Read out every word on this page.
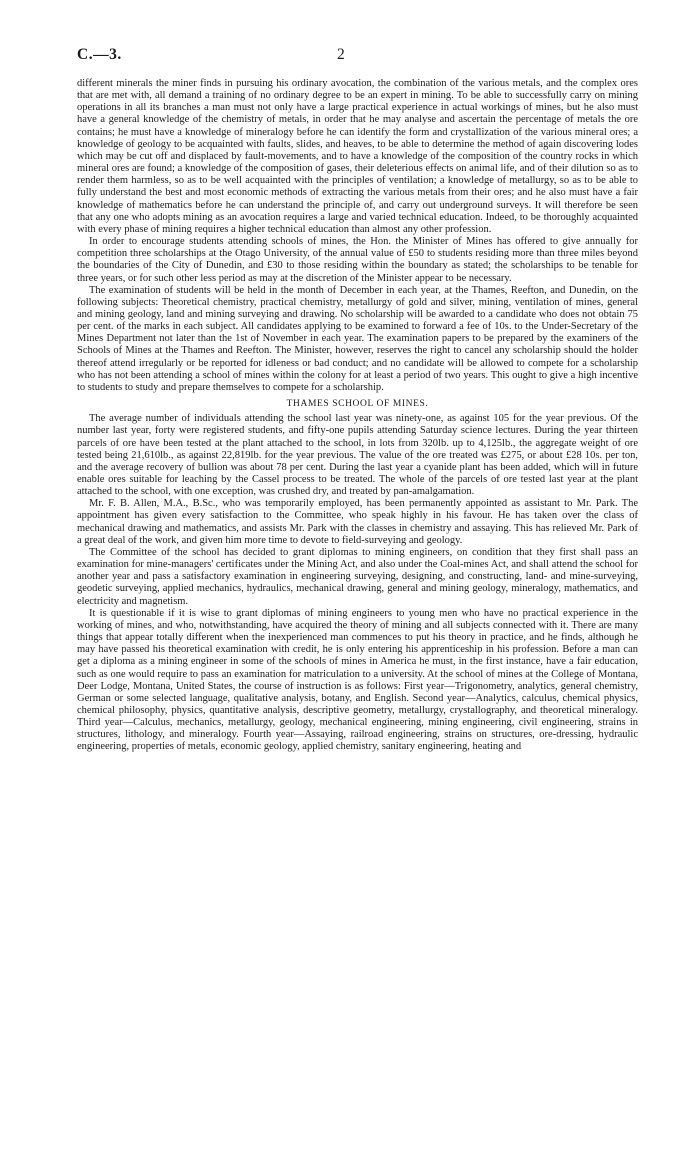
C.—3.	2

different minerals the miner finds in pursuing his ordinary avocation, the combination of the various metals, and the complex ores that are met with, all demand a training of no ordinary degree to be an expert in mining. To be able to successfully carry on mining operations in all its branches a man must not only have a large practical experience in actual workings of mines, but he also must have a general knowledge of the chemistry of metals, in order that he may analyse and ascertain the percentage of metals the ore contains; he must have a knowledge of mineralogy before he can identify the form and crystallization of the various mineral ores; a knowledge of geology to be acquainted with faults, slides, and heaves, to be able to determine the method of again discovering lodes which may be cut off and displaced by fault-movements, and to have a knowledge of the composition of the country rocks in which mineral ores are found; a knowledge of the composition of gases, their deleterious effects on animal life, and of their dilution so as to render them harmless, so as to be well acquainted with the principles of ventilation; a knowledge of metallurgy, so as to be able to fully understand the best and most economic methods of extracting the various metals from their ores; and he also must have a fair knowledge of mathematics before he can understand the principle of, and carry out underground surveys. It will therefore be seen that any one who adopts mining as an avocation requires a large and varied technical education. Indeed, to be thoroughly acquainted with every phase of mining requires a higher technical education than almost any other profession.

In order to encourage students attending schools of mines, the Hon. the Minister of Mines has offered to give annually for competition three scholarships at the Otago University, of the annual value of £50 to students residing more than three miles beyond the boundaries of the City of Dunedin, and £30 to those residing within the boundary as stated; the scholarships to be tenable for three years, or for such other less period as may at the discretion of the Minister appear to be necessary.

The examination of students will be held in the month of December in each year, at the Thames, Reefton, and Dunedin, on the following subjects: Theoretical chemistry, practical chemistry, metallurgy of gold and silver, mining, ventilation of mines, general and mining geology, land and mining surveying and drawing. No scholarship will be awarded to a candidate who does not obtain 75 per cent. of the marks in each subject. All candidates applying to be examined to forward a fee of 10s. to the Under-Secretary of the Mines Department not later than the 1st of November in each year. The examination papers to be prepared by the examiners of the Schools of Mines at the Thames and Reefton. The Minister, however, reserves the right to cancel any scholarship should the holder thereof attend irregularly or be reported for idleness or bad conduct; and no candidate will be allowed to compete for a scholarship who has not been attending a school of mines within the colony for at least a period of two years. This ought to give a high incentive to students to study and prepare themselves to compete for a scholarship.

THAMES SCHOOL OF MINES.

The average number of individuals attending the school last year was ninety-one, as against 105 for the year previous. Of the number last year, forty were registered students, and fifty-one pupils attending Saturday science lectures. During the year thirteen parcels of ore have been tested at the plant attached to the school, in lots from 320lb. up to 4,125lb., the aggregate weight of ore tested being 21,610lb., as against 22,819lb. for the year previous. The value of the ore treated was £275, or about £28 10s. per ton, and the average recovery of bullion was about 78 per cent. During the last year a cyanide plant has been added, which will in future enable ores suitable for leaching by the Cassel process to be treated. The whole of the parcels of ore tested last year at the plant attached to the school, with one exception, was crushed dry, and treated by pan-amalgamation.

Mr. F. B. Allen, M.A., B.Sc., who was temporarily employed, has been permanently appointed as assistant to Mr. Park. The appointment has given every satisfaction to the Committee, who speak highly in his favour. He has taken over the class of mechanical drawing and mathematics, and assists Mr. Park with the classes in chemistry and assaying. This has relieved Mr. Park of a great deal of the work, and given him more time to devote to field-surveying and geology.

The Committee of the school has decided to grant diplomas to mining engineers, on condition that they first shall pass an examination for mine-managers' certificates under the Mining Act, and also under the Coal-mines Act, and shall attend the school for another year and pass a satisfactory examination in engineering surveying, designing, and constructing, land- and mine-surveying, geodetic surveying, applied mechanics, hydraulics, mechanical drawing, general and mining geology, mineralogy, mathematics, and electricity and magnetism.

It is questionable if it is wise to grant diplomas of mining engineers to young men who have no practical experience in the working of mines, and who, notwithstanding, have acquired the theory of mining and all subjects connected with it. There are many things that appear totally different when the inexperienced man commences to put his theory in practice, and he finds, although he may have passed his theoretical examination with credit, he is only entering his apprenticeship in his profession. Before a man can get a diploma as a mining engineer in some of the schools of mines in America he must, in the first instance, have a fair education, such as one would require to pass an examination for matriculation to a university. At the school of mines at the College of Montana, Deer Lodge, Montana, United States, the course of instruction is as follows: First year—Trigonometry, analytics, general chemistry, German or some selected language, qualitative analysis, botany, and English. Second year—Analytics, calculus, chemical physics, chemical philosophy, physics, quantitative analysis, descriptive geometry, metallurgy, crystallography, and theoretical mineralogy. Third year—Calculus, mechanics, metallurgy, geology, mechanical engineering, mining engineering, civil engineering, strains in structures, lithology, and mineralogy. Fourth year—Assaying, railroad engineering, strains on structures, ore-dressing, hydraulic engineering, properties of metals, economic geology, applied chemistry, sanitary engineering, heating and
